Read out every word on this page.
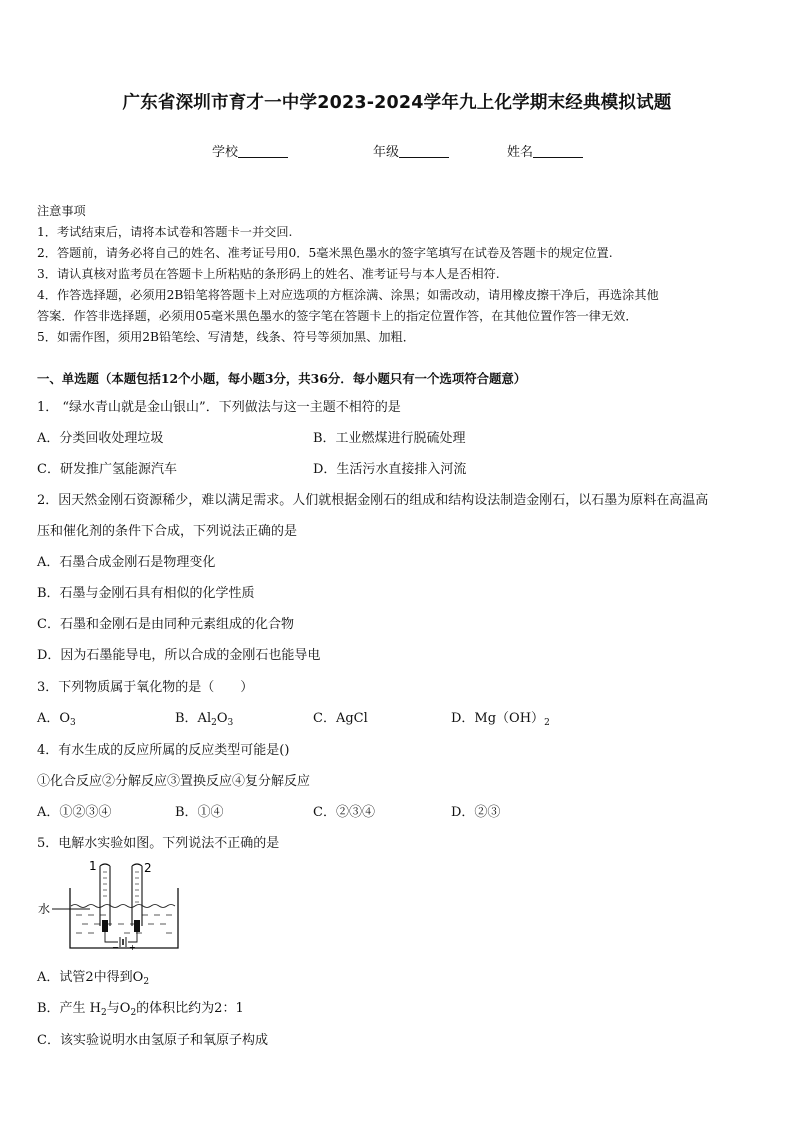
广东省深圳市育才一中学2023-2024学年九上化学期末经典模拟试题
学校	年级	姓名
注意事项
1．考试结束后，请将本试卷和答题卡一并交回.
2．答题前，请务必将自己的姓名、准考证号用0．5毫米黑色墨水的签字笔填写在试卷及答题卡的规定位置.
3．请认真核对监考员在答题卡上所粘贴的条形码上的姓名、准考证号与本人是否相符.
4．作答选择题，必须用2B铅笔将答题卡上对应选项的方框涂满、涂黑；如需改动，请用橡皮擦干净后，再选涂其他
答案．作答非选择题，必须用05毫米黑色墨水的签字笔在答题卡上的指定位置作答，在其他位置作答一律无效．
5．如需作图，须用2B铅笔绘、写清楚，线条、符号等须加黑、加粗．
一、单选题（本题包括12个小题，每小题3分，共36分．每小题只有一个选项符合题意）
1． “绿水青山就是金山银山”．下列做法与这一主题不相符的是
A．分类回收处理垃圾	B．工业燃煤进行脱硫处理
C．研发推广氢能源汽车	D．生活污水直接排入河流
2．因天然金刚石资源稀少，难以满足需求。人们就根据金刚石的组成和结构设法制造金刚石，以石墨为原料在高温高
压和催化剂的条件下合成，下列说法正确的是
A．石墨合成金刚石是物理变化
B．石墨与金刚石具有相似的化学性质
C．石墨和金刚石是由同种元素组成的化合物
D．因为石墨能导电，所以合成的金刚石也能导电
3．下列物质属于氧化物的是（　　）
A．$O_3$	B．$Al_2O_3$	C．AgCl	D．$Mg(OH)_2$
4．有水生成的反应所属的反应类型可能是()
①化合反应②分解反应③置换反应④复分解反应
A．①②③④	B．①④	C．②③④	D．②③
5．电解水实验如图。下列说法不正确的是
− +
1	2
水
A．试管2中得到$O_2$
B．产生 $H_2$与$O_2$的体积比约为2：1
C．该实验说明水由氢原子和氧原子构成
